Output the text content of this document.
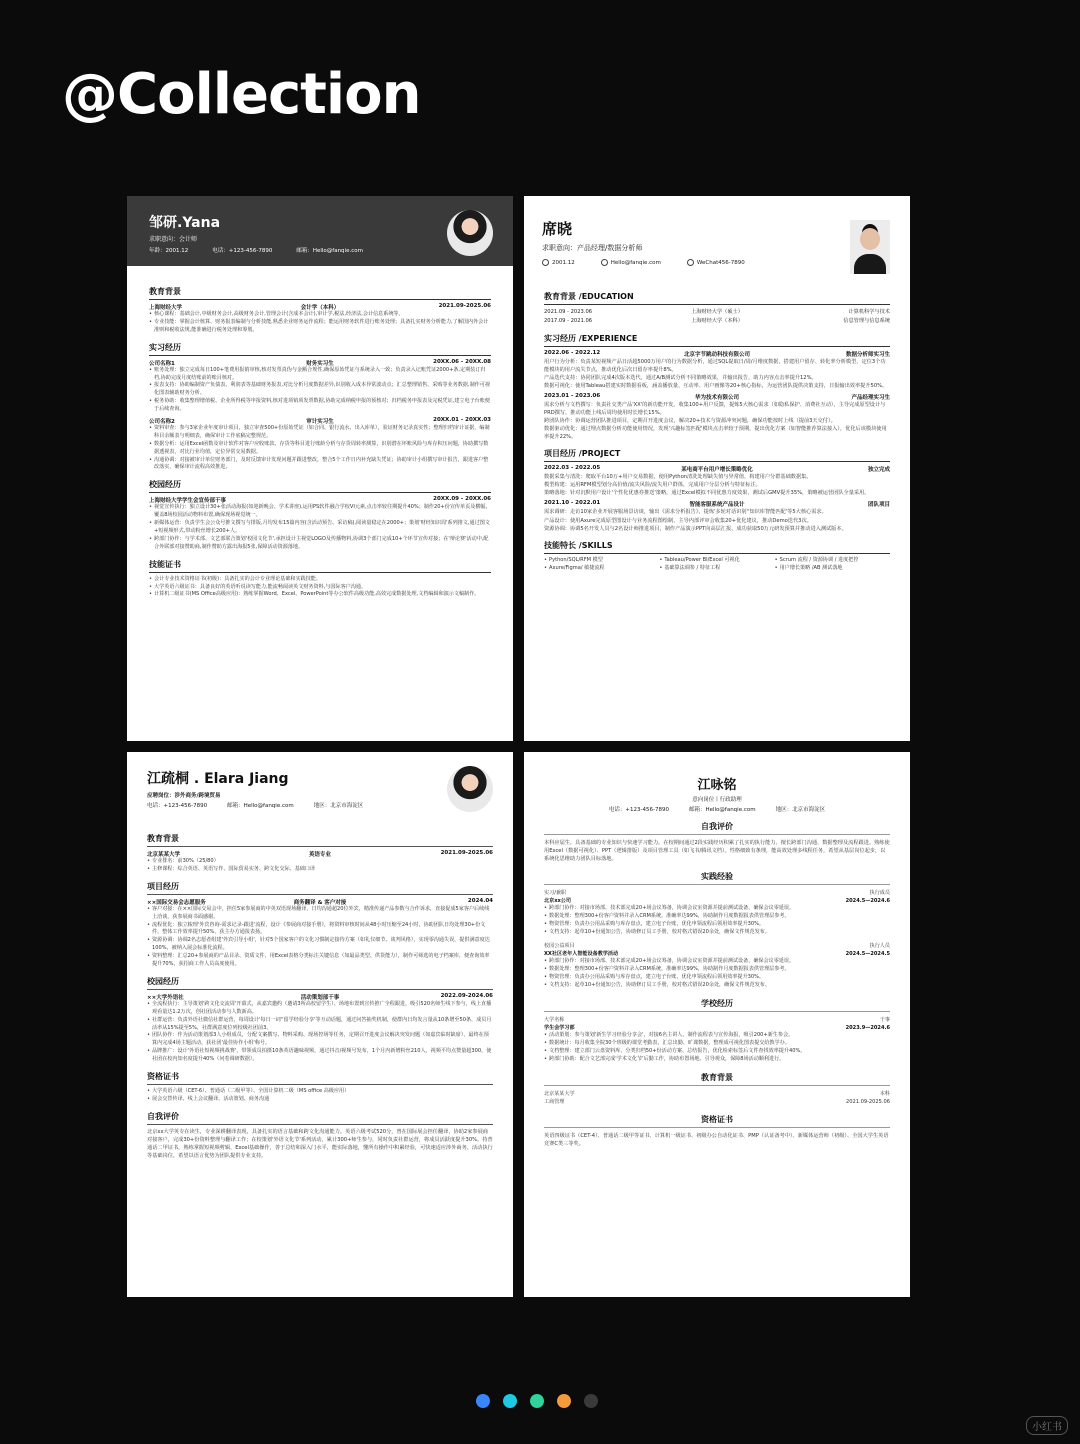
@Collection
邹研.Yana
求职意向：会计师
年龄：2001.12	电话：+123-456-7890	邮箱：Hello@fanqie.com
教育背景
上海财经大学	会计学（本科）	2021.09-2025.06
• 核心课程：基础会计,中级财务会计,高级财务会计,管理会计(含成本会计),审计学,税法,经济法,会计信息系统等。
• 专业技能：掌握会计核算、财务报表编制与分析技能,熟悉企业财务运作流程；能运用财务软件进行账务处理；具备扎实财务分析能力,了解国内外会计准则和税收法规,能准确进行税务处理和筹划。
实习经历
公司名称1	财务实习生	20XX.06 - 20XX.08
• 账务处理：独立完成每日100+笔费用报销审核,核对发票真伪与金额合规性,确保原始凭证与系统录入一致；负责录入记账凭证2000+条,定期装订归档,协助完成月度结账前的账目核对。
• 报表支持：协助编制资产负债表、利润表等基础财务报表,对比分析月度数据差异,识别收入成本异常波动点；汇总整理销售、采购等业务数据,制作可视化图表辅助财务分析。
• 税务协助：收集整理增值税、企业所得税等申报资料,核对进项销项发票数据,协助完成纳税申报的预核对；归档税务申报表及完税凭证,建立电子台账便于后续查询。
公司名称2	审计实习生	20XX.01 - 20XX.03
• 资料审查：参与3家企业年度审计项目，独立审查500+份原始凭证（如合同、银行流水、出入库单），验证财务记录真实性；整理归档审计证据，编制科目余额表与明细表，确保审计工作底稿完整规范。
• 数据分析：运用Excel函数及审计软件对客户应收账款、存货等科目进行账龄分析与存货周转率测算，识别潜在坏账风险与库存积压问题，协助撰写数据透视表，对比行业均值，定位异常交易数据。
• 沟通协调：对接被审计单位财务部门，及时反馈审计发现问题并跟进整改，整合5个工作日内补充缺失凭证；协助审计小组撰写审计报告，跟进客户整改落实，确保审计流程高效推进。
校园经历
上海财经大学学生会宣传部干事	20XX.09 - 20XX.06
• 视觉宣传执行：独立设计30+张活动海报(如迎新晚会、学术讲座),运用PS软件融合学校VI元素,点击率较往期提升40%；制作20+份宣传单页及横幅,覆盖8场校园活动物料布置,确保现场视觉统一。
• 新媒体运营：负责学生会公众号推文撰写与排版,月均发布15篇内容(含活动预告、采访稿),阅读量稳定在2000+；策划'财经知识周'系列推文,通过图文+短视频形式,带动粉丝增长200+人。
• 跨部门协作：与学术部、文艺部联合策划'校园文化节',承担设计主视觉LOGO及传播物料,协调3个部门完成10+个环节宣传对接；在'辩论赛'活动中,配合外联部对接赞助商,制作赞助方露出海报5张,保障活动资源落地。
技能证书
• 会计专业技术资格证书(初级)：具备扎实的会计专业理论基础和实践技能。
• 大学英语六级证书：具备良好的英语听说读写能力,能流畅阅读英文财务资料,与国际客户沟通。
• 计算机二级证书(MS Office高级应用)：熟练掌握Word、Excel、PowerPoint等办公软件高级功能,高效完成数据处理,文档编辑和演示文稿制作。
席晓
求职意向：产品经理/数据分析师
2001.12	Hello@fanqie.com	WeChat456-7890
教育背景 /EDUCATION
2021.09 - 2023.06	上海财经大学（硕士）	计算机科学与技术
2017.09 - 2021.06	上海财经大学（本科）	信息管理与信息系统
实习经历 /EXPERIENCE
2022.06 - 2022.12	北京字节跳动科技有限公司	数据分析师实习生
用户行为分析：负责某短视频产品日活超5000万用户的行为数据分析，通过SQL提取日/周/月维度数据，搭建用户留存、转化率分析模型，定位3个功能模块的用户流失节点，推动优化后次日留存率提升8%。
产品迭代支持：协同团队完成4次版本迭代，通过A/B测试分析不同策略效果，并输出报告，助力内容点击率提升12%。
数据可视化：使用Tableau搭建实时数据看板，涵盖播放量、互动率、用户画像等20+核心指标，为运营团队提供决策支持，日报输出效率提升50%。
2023.01 - 2023.06	华为技术有限公司	产品经理实习生
需求分析与文档撰写：负责社交类产品'XX'的新功能开发，收集100+用户反馈，提炼5大核心需求（如隐私保护、消费社互动），主导完成原型设计与PRD撰写，推动功能上线后周均使用时长增长15%。
跨团队协作：协调运营团队推进项目，定期召开进度会议，解决20+技术与资源冲突问题，确保功能按时上线（提前3天交付）。
数据驱动优化：通过埋点数据分析功能使用情况，发现'兴趣标签匹配'模块点击率较于预期，提出优化方案（如智能推荐算法接入），优化后该模块使用率提升22%。
项目经历 /PROJECT
2022.03 - 2022.05	某电商平台用户增长策略优化	独立完成
数据采集与清洗：爬取平台10万+用户交易数据，使用Python清洗处理缺失值与异常值，构建用户分群基础数据集。
模型构建：运用RFM模型划分高价值/流失风险/流失用户群体，完成用户分层分析与特征标注。
策略落地：针对沉默用户设计'个性化优惠券推送'策略，通过Excel模拟不同优惠力度效果，测试后GMV提升35%，策略被运营团队全量采用。
2021.10 - 2022.01	智能客服系统产品设计	团队项目
需求调研：走访10家企业开展客服场景访谈，输出《需求分析报告》，提炼'多轮对话识别''知识库智能匹配'等5大核心需求。
产品设计：使用Axure完成原型图设计与业务流程图绘制，主导内部评审会收集20+优化建议，推动Demo迭代3次。
资源协调：协调5名开发人员与2名设计师推进项目，制作产品演示PPT向高层汇报，成功获取50万元研发预算并推动进入测试版本。
技能特长 /SKILLS
• Python/SQL/RFM 模型	• Tableau/Power BI/Excel 可视化	• Scrum 流程 / 资源协调 / 进度把控
• Axure/Figma/ 敏捷流程	• 基础算法调参 / 特征工程	• 用户增长策略 /AB 测试落地
江疏桐 . Elara Jiang
应聘岗位：涉外商务/跨境贸易
电话：+123-456-7890	邮箱：Hello@fanqie.com	地区：北京市海淀区
教育背景
北京某某大学	英语专业	2021.09-2025.06
• 专业排名：前30%（25/80）
• 主修课程：综合英语、英语写作、国际贸易实务、跨文化交际、基础口译
项目经历
××国际交易会志愿服务	商务翻译 & 客户对接	2024.04
• 客户对接：在××国际交易会中，担任5家参展商的中英双语现场翻译，日均沟通超20位外宾，精准传递产品参数与合作诉求，直接促成5家客户后续线上洽谈，获参展商书面感谢。
• 流程优化：独立梳理'外宾咨询-需求记录-跟进'流程，设计《参展商对接手册》，将资料审核时间从48小时压缩至24小时，协助团队日均处理30+份文件，整体工作效率提升50%，获主办方通报表扬。
• 资源协调：协调2名志愿者组建'外宾引导小组'，针对5个国家客户的文化习惯制定接待方案（如礼仪细节、谈判风格），实现零沟通失误，提供满意度达100%，被纳入展会标准化流程。
• 资料整理：汇总20+参展商的产品目录、资质文件，用Excel表格分类标注关键信息（如最品类型、供货能力），制作可筛选的电子档案库，便查询效率提升70%，获招商工作人员高度使用。
校园经历
××大学外语社	活动策划部干事	2022.09-2024.06
• 全流程执行：主导策划'跨文化交流周'开幕式，从嘉宾邀约（邀请3所高校留学生）、场地布置到宣传推广全程跟进，吸引520名师生线下参与，线上直播观看量达1.2万次，创社团活动参与人数新高。
• 社群运营：负责外语社微信社群运营，每周设计'每日一词''留学经验分享'等互动话题，通过问答抽奖机制，使群内日均发言量从10条增至50条，成员月活率从15%提至5%，社群满意度位列校级社团前3。
• 团队协作：作为活动策划部3人小组成员，分配文案撰写、物料采购、现场控场等任务，定期召开进度会议解决突发问题（如嘉宾临时缺席），最终在预算内完成4场主题活动，获社团'最佳协作小组'称号。
• 品牌推广：设计'外语社短视频挑战赛'，带领成员拍摄10条英语趣味视频，通过抖音/视频号发布，1个月内新增粉丝210人，视频平均点赞量超300，使社团在校内知名度提升40%（问卷调研数据）。
资格证书
• 大学英语六级（CET-6）、普通话（二级甲等）、全国计算机二级（MS office 高级应用）
• 展会交替传译、线上会议翻译、活动策划、商务沟通
自我评价
北京xx大学英专在读生，专业深耕翻译表现，具备扎实的语言基础和跨文化沟通能力。英语六级考试520分，曾在国际展会担任翻译，协助2家参展商对接客户，完成30+份资料整理与翻译工作；在校策划'外语文化节'系列活动，累计300+师生参与，同时负责社群运营，将成员活跃度提升30%。持普通话二甲证书，熟练掌握短视频剪辑、Excel基础操作，善于总结和深入门水平，能实际落地，懂所有操作中积累经验，可快速适应涉外商务、活动执行等基础岗位，希望以语言优势为团队提供专业支持。
江咏铭
意向岗位丨行政助理
电话：+123-456-7890	邮箱：Hello@fanqie.com	地区：北京市海淀区
自我评价
本科应届生，具备基础的专业知识与快速学习能力。在校期间通过2段实践经历积累了扎实的执行能力、擅长跨部门沟通、数据整理及流程跟进。熟练使用Excel（数据可视化）、PPT（逻辑排版）及项目管理工具（如飞书/腾讯文档）。性格细致有条理，能高效处理多线程任务，希望从基层岗位起步，以系统化思维助力团队目标落地。
实践经验
实习/兼职	执行成员
北京xx公司	2024.5—2024.6
• 跨部门协作：对接市场部、技术部完成20+场会议筹备，协调会议室资源并提前测试设备，确保会议零延误。
• 数据处理：整理300+份客户资料并录入CRM系统，准确率达99%，协助制作月度数据报表供管理层参考。
• 物资管理：负责办公用品采购与库存盘点，建立电子台账，优化申领流程后领用效率提升30%。
• 文档支持：起草10+份通知公告，协助修订员工手册，校对格式错误20余处，确保文件规范发布。
校园公益项目	执行人员
XX社区老年人智能设备教学活动	2024.5—2024.5
• 跨部门协作：对接市场部、技术部完成20+场会议筹备，协调会议室资源并提前测试设备，确保会议零延误。
• 数据处理：整理300+份客户资料并录入CRM系统，准确率达99%，协助制作月度数据报表供管理层参考。
• 物资管理：负责办公用品采购与库存盘点，建立电子台账，优化申领流程后领用效率提升30%。
• 文档支持：起草10+份通知公告，协助修订员工手册，校对格式错误20余处，确保文件规范发布。
学校经历
大学名称	干事
学生会学习部	2023.9—2024.6
• 活动策划：参与策划'新生学习经验分享会'，对接6名主讲人，制作流程表与宣传海报，吸引200+新生参会。
• 数据统计：每月收集全院30个班级的课堂考勤表，汇总出勤、旷课数据，整理成可视化图表提交给教学办。
• 文档整理：建立部门云盘资料库，分类归档50+份活动方案、总结报告，优化检索标签后文件查找效率提升40%。
• 跨部门协助：配合文艺部完成'学术文化节'后勤工作，协助布置场地、引导观众，保障8场活动顺利进行。
教育背景
北京某某大学	本科
工商管理	2021.09-2025.06
资格证书
英语四级证书（CET-4）、普通话二级甲等证书、计算机一级证书、初级办公自动化证书、PMP（认证备考中）、新媒体运营师（初级）、全国大学生英语竞赛C类三等奖。
小红书
